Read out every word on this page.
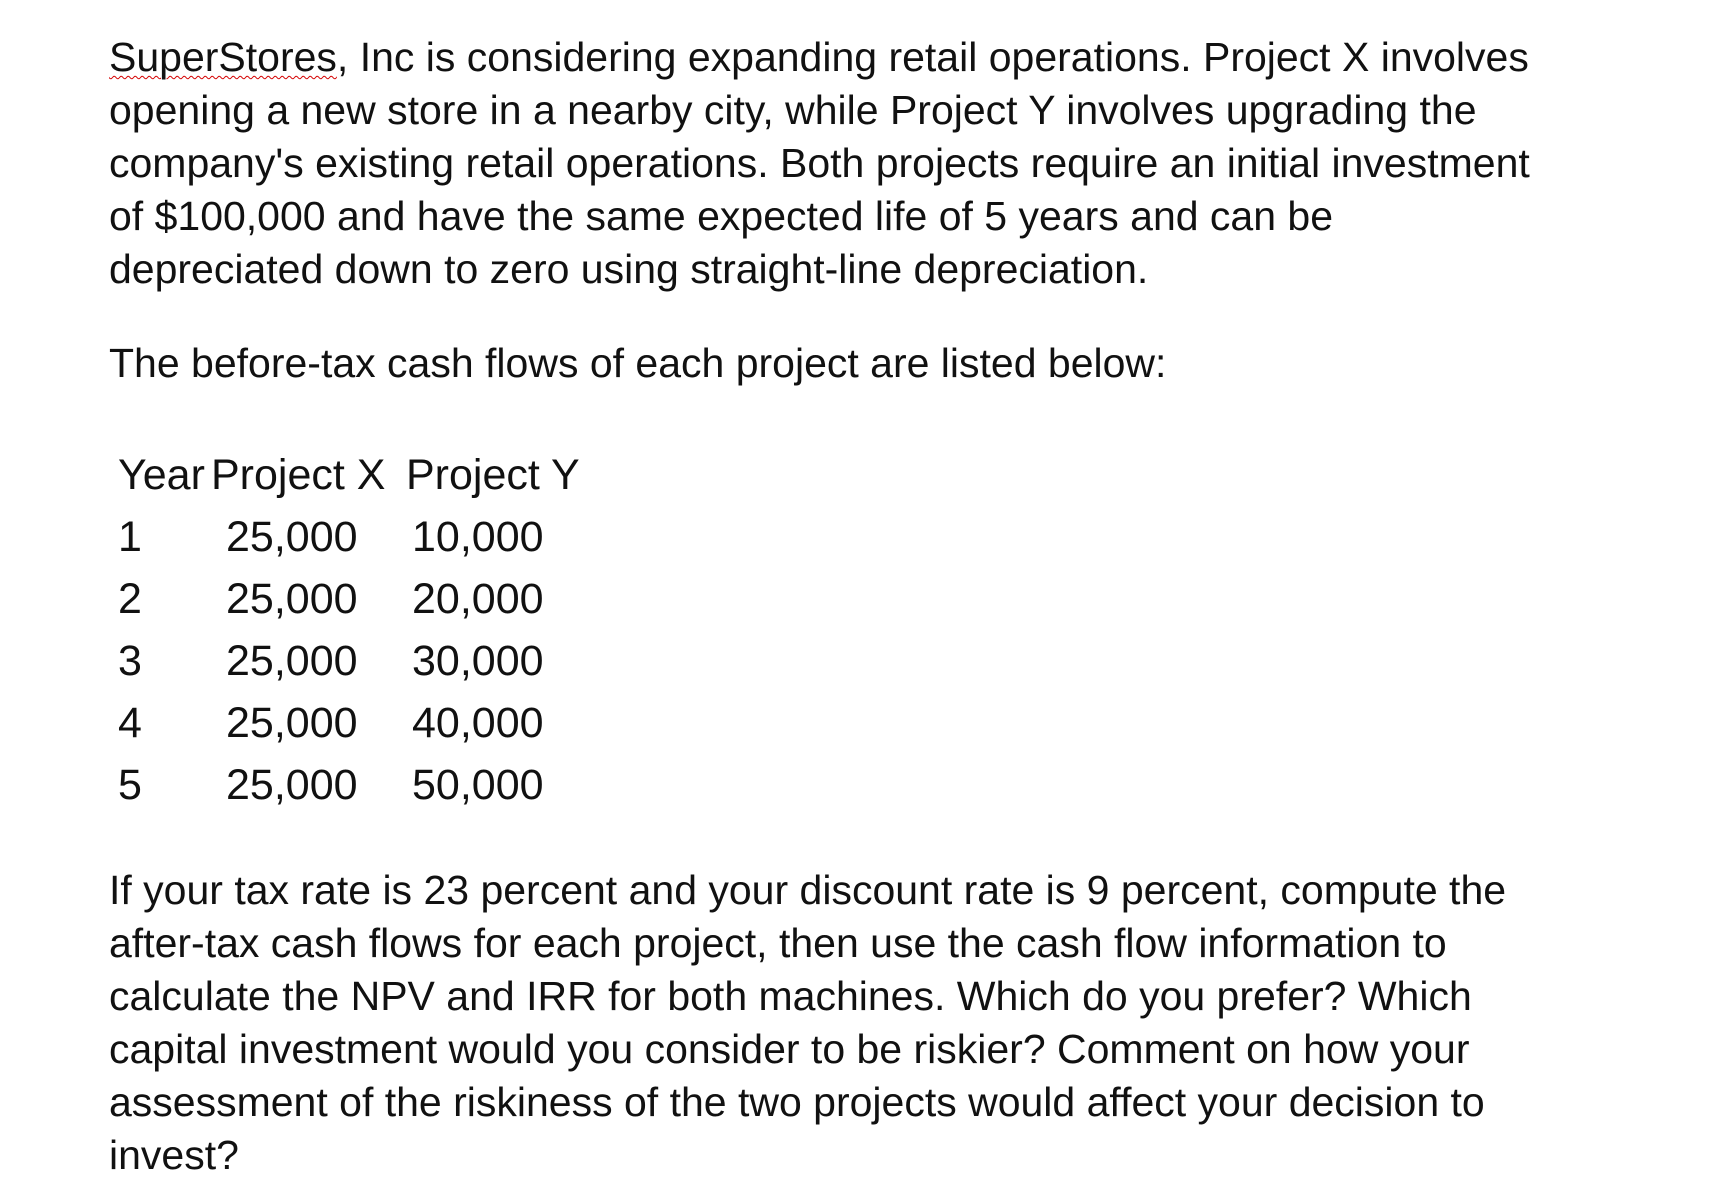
SuperStores, Inc is considering expanding retail operations. Project X involves
opening a new store in a nearby city, while Project Y involves upgrading the
company's existing retail operations. Both projects require an initial investment
of $100,000 and have the same expected life of 5 years and can be
depreciated down to zero using straight-line depreciation.

The before-tax cash flows of each project are listed below:

Year	Project X	Project Y
1	25,000	10,000
2	25,000	20,000
3	25,000	30,000
4	25,000	40,000
5	25,000	50,000

If your tax rate is 23 percent and your discount rate is 9 percent, compute the
after-tax cash flows for each project, then use the cash flow information to
calculate the NPV and IRR for both machines. Which do you prefer? Which
capital investment would you consider to be riskier? Comment on how your
assessment of the riskiness of the two projects would affect your decision to
invest?
